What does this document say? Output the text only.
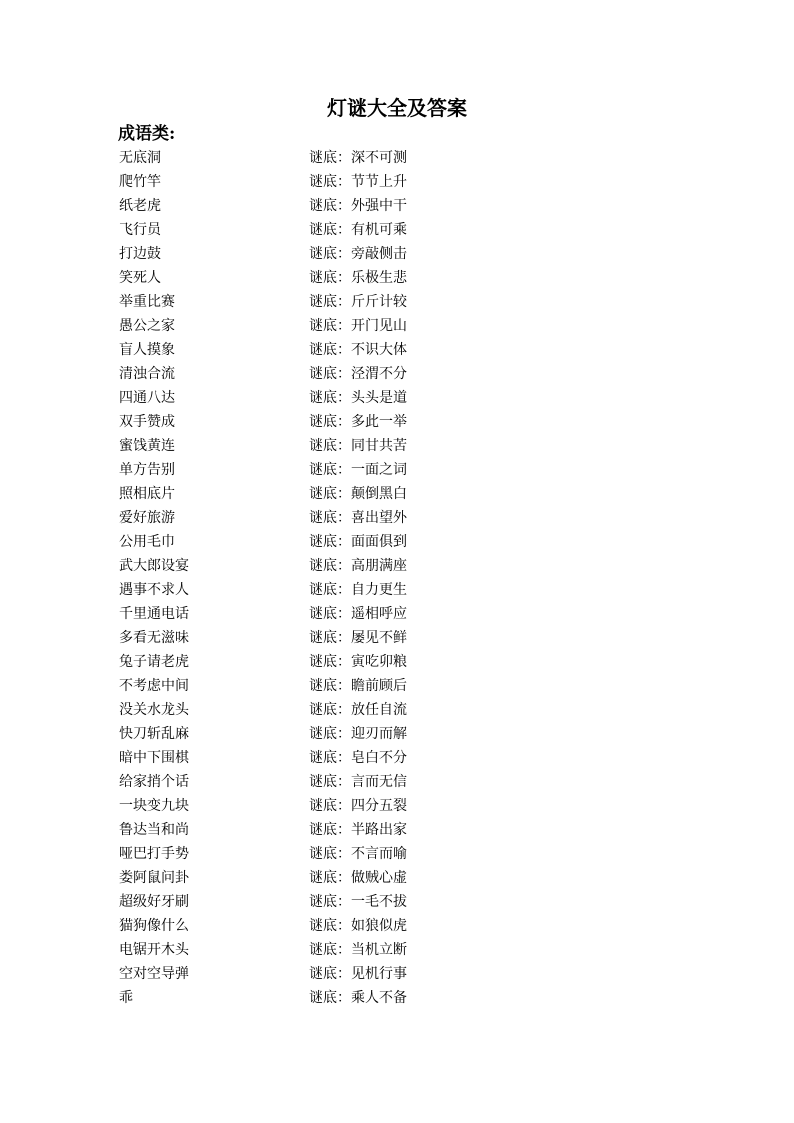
灯谜大全及答案
成语类:
无底洞	谜底：深不可测
爬竹竿	谜底：节节上升
纸老虎	谜底：外强中干
飞行员	谜底：有机可乘
打边鼓	谜底：旁敲侧击
笑死人	谜底：乐极生悲
举重比赛	谜底：斤斤计较
愚公之家	谜底：开门见山
盲人摸象	谜底：不识大体
清浊合流	谜底：泾渭不分
四通八达	谜底：头头是道
双手赞成	谜底：多此一举
蜜饯黄连	谜底：同甘共苦
单方告别	谜底：一面之词
照相底片	谜底：颠倒黑白
爱好旅游	谜底：喜出望外
公用毛巾	谜底：面面俱到
武大郎设宴	谜底：高朋满座
遇事不求人	谜底：自力更生
千里通电话	谜底：遥相呼应
多看无滋味	谜底：屡见不鲜
兔子请老虎	谜底：寅吃卯粮
不考虑中间	谜底：瞻前顾后
没关水龙头	谜底：放任自流
快刀斩乱麻	谜底：迎刃而解
暗中下围棋	谜底：皂白不分
给家捎个话	谜底：言而无信
一块变九块	谜底：四分五裂
鲁达当和尚	谜底：半路出家
哑巴打手势	谜底：不言而喻
娄阿鼠问卦	谜底：做贼心虚
超级好牙刷	谜底：一毛不拔
猫狗像什么	谜底：如狼似虎
电锯开木头	谜底：当机立断
空对空导弹	谜底：见机行事
乖	谜底：乘人不备
